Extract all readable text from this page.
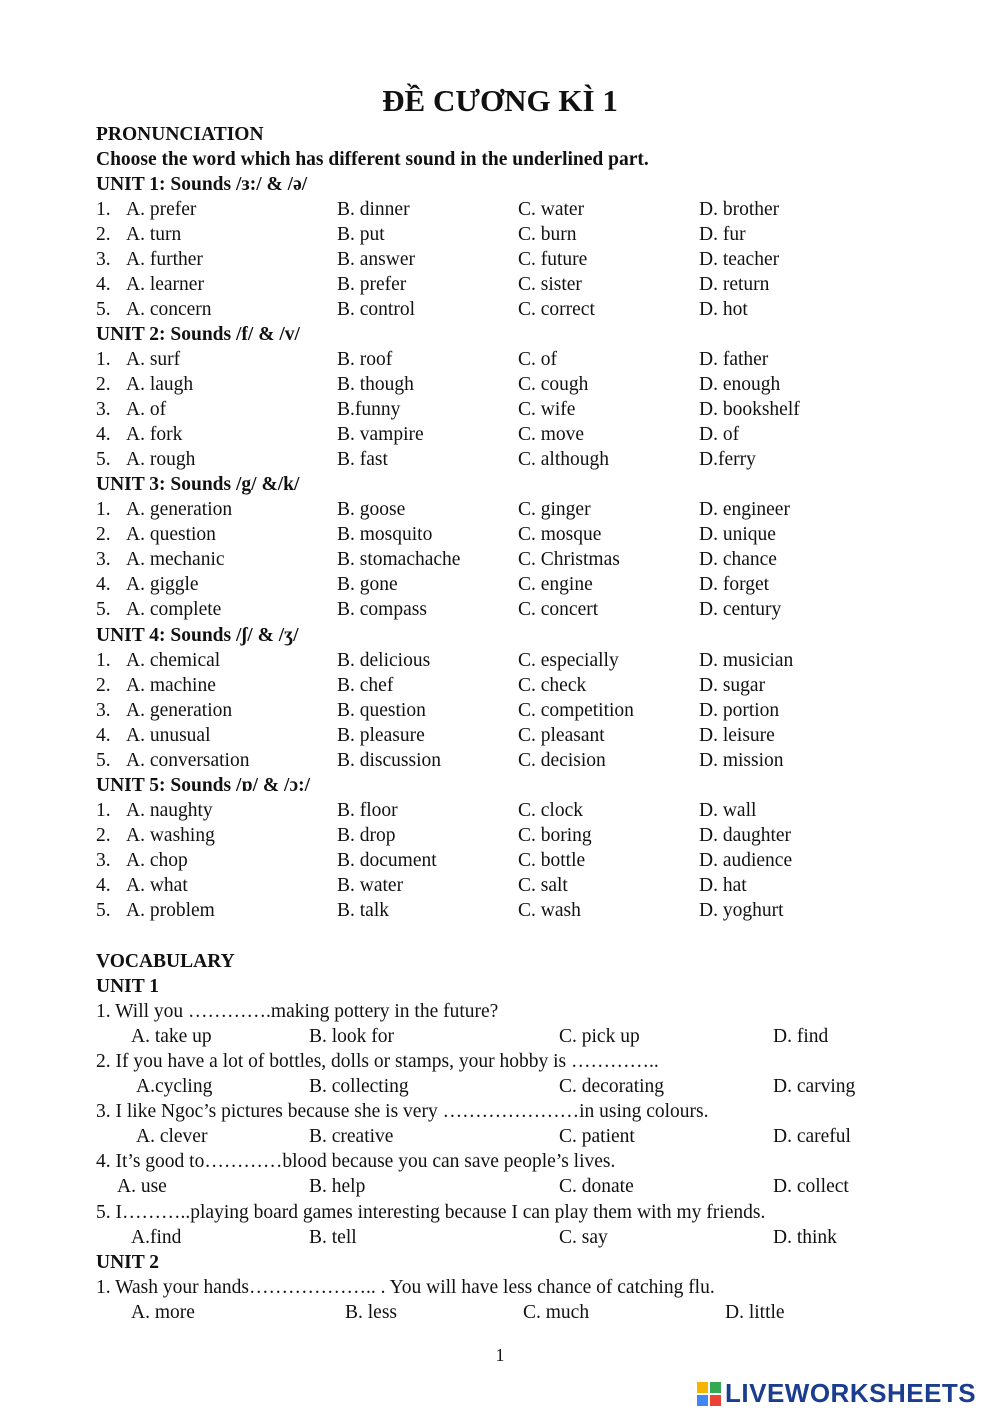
ĐỀ CƯƠNG KÌ 1
PRONUNCIATION
Choose the word which has different sound in the underlined part.
UNIT 1: Sounds /ɜ:/ & /ə/
1. A. prefer	B. dinner	C. water	D. brother
2. A. turn	B. put	C. burn	D. fur
3. A. further	B. answer	C. future	D. teacher
4. A. learner	B. prefer	C. sister	D. return
5. A. concern	B. control	C. correct	D. hot
UNIT 2: Sounds /f/ & /v/
1. A. surf	B. roof	C. of	D. father
2. A. laugh	B. though	C. cough	D. enough
3. A. of	B.funny	C. wife	D. bookshelf
4. A. fork	B. vampire	C. move	D. of
5. A. rough	B. fast	C. although	D.ferry
UNIT 3: Sounds /g/ &/k/
1. A. generation	B. goose	C. ginger	D. engineer
2. A. question	B. mosquito	C. mosque	D. unique
3. A. mechanic	B. stomachache	C. Christmas	D. chance
4. A. giggle	B. gone	C. engine	D. forget
5. A. complete	B. compass	C. concert	D. century
UNIT 4: Sounds /ʃ/ & /ʒ/
1. A. chemical	B. delicious	C. especially	D. musician
2. A. machine	B. chef	C. check	D. sugar
3. A. generation	B. question	C. competition	D. portion
4. A. unusual	B. pleasure	C. pleasant	D. leisure
5. A. conversation	B. discussion	C. decision	D. mission
UNIT 5: Sounds /ɒ/ & /ɔ:/
1. A. naughty	B. floor	C. clock	D. wall
2. A. washing	B. drop	C. boring	D. daughter
3. A. chop	B. document	C. bottle	D. audience
4. A. what	B. water	C. salt	D. hat
5. A. problem	B. talk	C. wash	D. yoghurt
VOCABULARY
UNIT 1
1. Will you ………….making pottery in the future?
A. take up	B. look for	C. pick up	D. find
2. If you have a lot of bottles, dolls or stamps, your hobby is …………..
A.cycling	B. collecting	C. decorating	D. carving
3. I like Ngoc’s pictures because she is very …………………in using colours.
A. clever	B. creative	C. patient	D. careful
4. It’s good to…………blood because you can save people’s lives.
A. use	B. help	C. donate	D. collect
5. I………..playing board games interesting because I can play them with my friends.
A.find	B. tell	C. say	D. think
UNIT 2
1. Wash your hands……………….. . You will have less chance of catching flu.
A. more	B. less	C. much	D. little
1
LIVEWORKSHEETS
